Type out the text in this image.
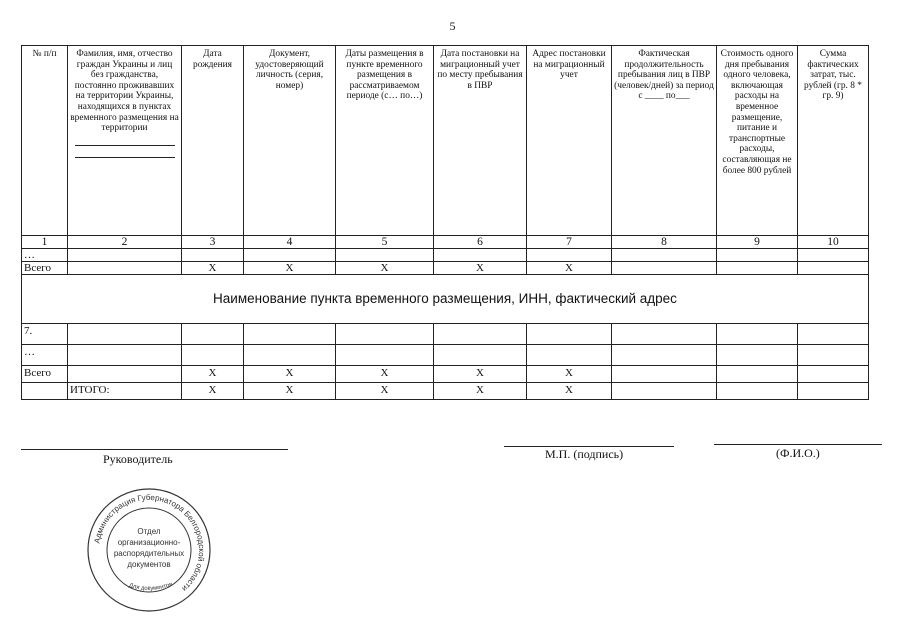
5
№ п/п	Фамилия, имя, отчество граждан Украины и лиц без гражданства, постоянно проживавших на территории Украины, находящихся в пунктах временного размещения на территории	Дата рождения	Документ, удостоверяющий личность (серия, номер)	Даты размещения в пункте временного размещения в рассматриваемом периоде (с… по…)	Дата постановки на миграционный учет по месту пребывания в ПВР	Адрес постановки на миграционный учет	Фактическая продолжительность пребывания лиц в ПВР (человек/дней) за период с ____ по___	Стоимость одного дня пребывания одного человека, включающая расходы на временное размещение, питание и транспортные расходы, составляющая не более 800 рублей	Сумма фактических затрат, тыс. рублей (гр. 8 * гр. 9)
1	2	3	4	5	6	7	8	9	10
…									
Всего		Х	Х	Х	Х	Х			
Наименование пункта временного размещения, ИНН, фактический адрес									
7.									
…									
Всего		Х	Х	Х	Х	Х			
	ИТОГО:	Х	Х	Х	Х	Х			
Руководитель	М.П. (подпись)	(Ф.И.О.)
Администрация Губернатора Белгородской области
Отдел
организационно-
распорядительных
документов
Для документов
